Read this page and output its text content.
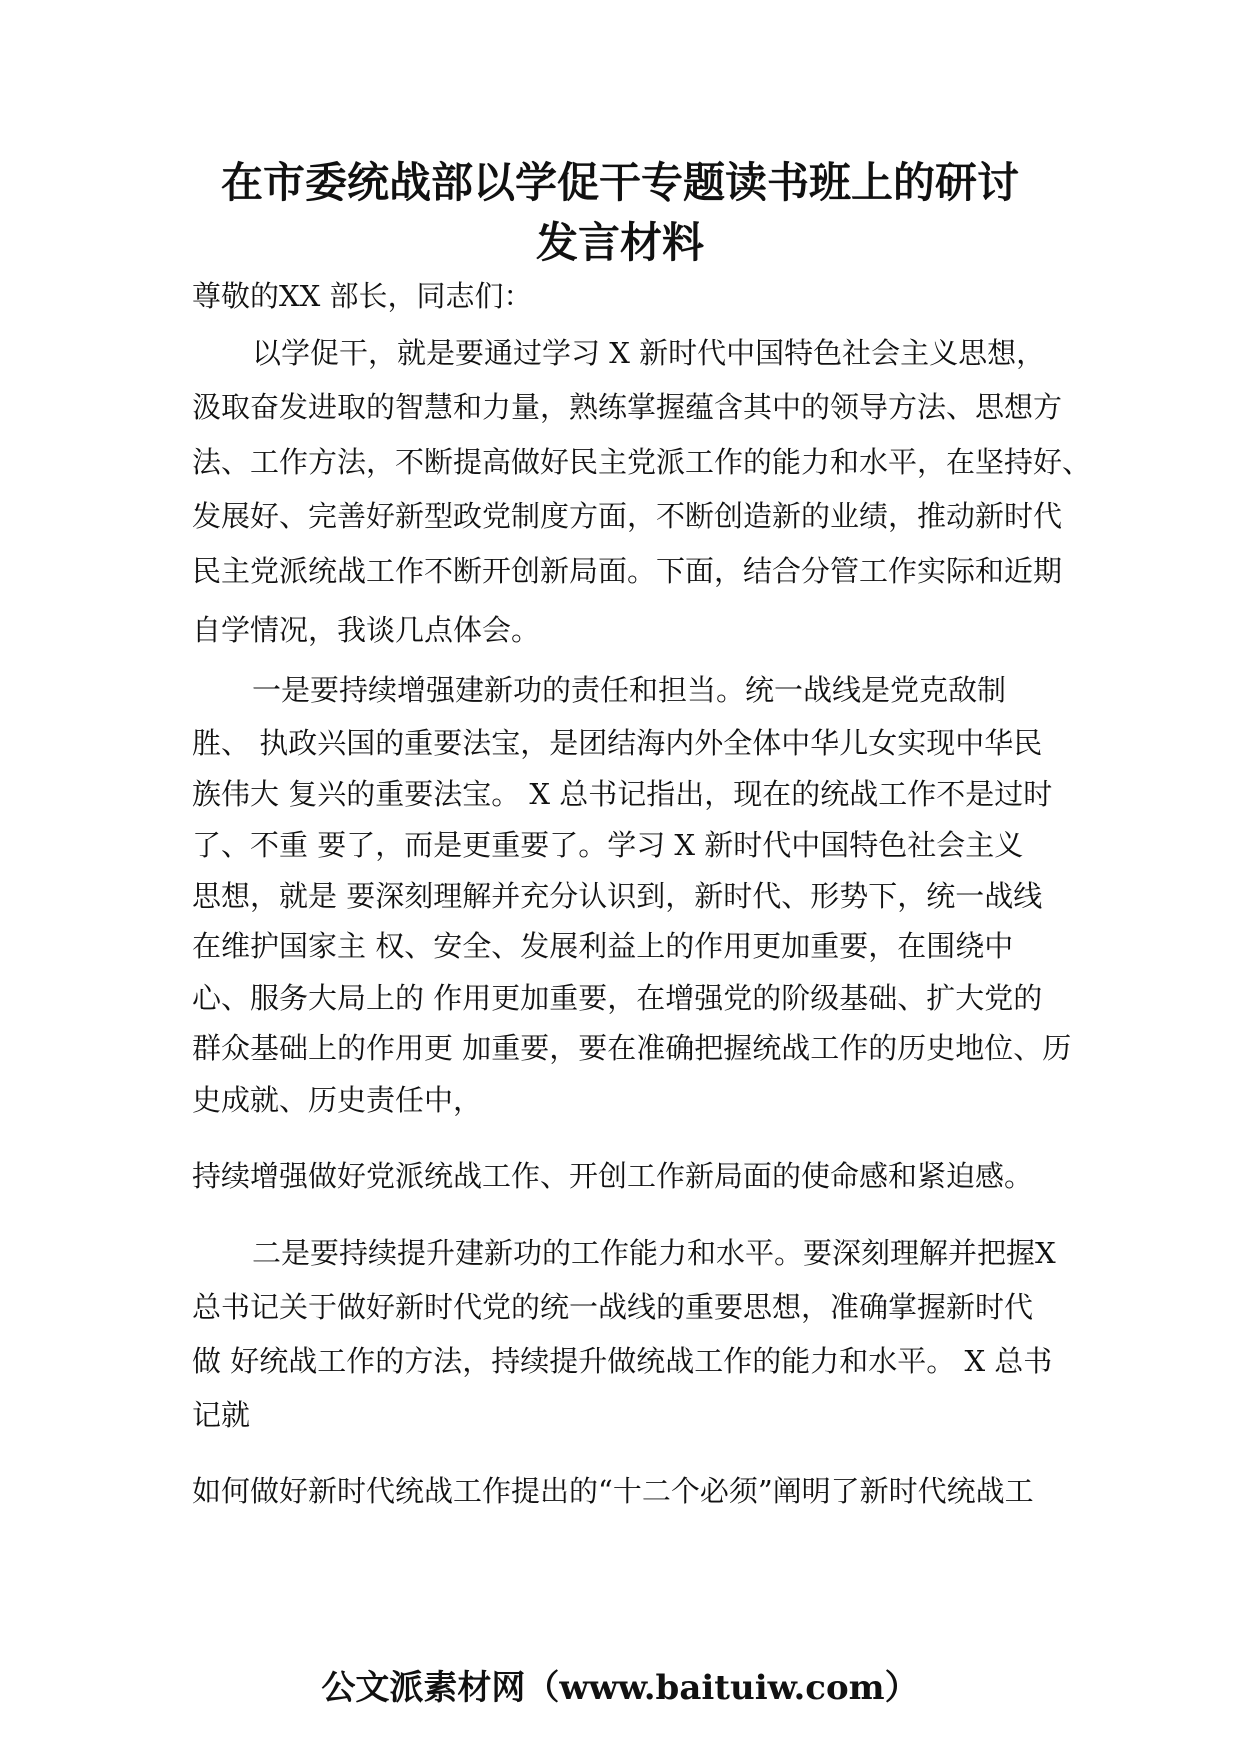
在市委统战部以学促干专题读书班上的研讨
发言材料
尊敬的XX 部长，同志们：
以学促干，就是要通过学习 X 新时代中国特色社会主义思想，
汲取奋发进取的智慧和力量，熟练掌握蕴含其中的领导方法、思想方
法、工作方法，不断提高做好民主党派工作的能力和水平，在坚持好、
发展好、完善好新型政党制度方面，不断创造新的业绩，推动新时代
民主党派统战工作不断开创新局面。下面，结合分管工作实际和近期
自学情况，我谈几点体会。
一是要持续增强建新功的责任和担当。统一战线是党克敌制
胜、 执政兴国的重要法宝，是团结海内外全体中华儿女实现中华民
族伟大 复兴的重要法宝。 X 总书记指出，现在的统战工作不是过时
了、不重 要了，而是更重要了。学习 X 新时代中国特色社会主义
思想，就是 要深刻理解并充分认识到，新时代、形势下，统一战线
在维护国家主 权、安全、发展利益上的作用更加重要，在围绕中
心、服务大局上的 作用更加重要，在增强党的阶级基础、扩大党的
群众基础上的作用更 加重要，要在准确把握统战工作的历史地位、历
史成就、历史责任中，
持续增强做好党派统战工作、开创工作新局面的使命感和紧迫感。
二是要持续提升建新功的工作能力和水平。要深刻理解并把握X
总书记关于做好新时代党的统一战线的重要思想，准确掌握新时代
做 好统战工作的方法，持续提升做统战工作的能力和水平。 X 总书
记就
如何做好新时代统战工作提出的“十二个必须”阐明了新时代统战工
公文派素材网（www.baituiw.com）
